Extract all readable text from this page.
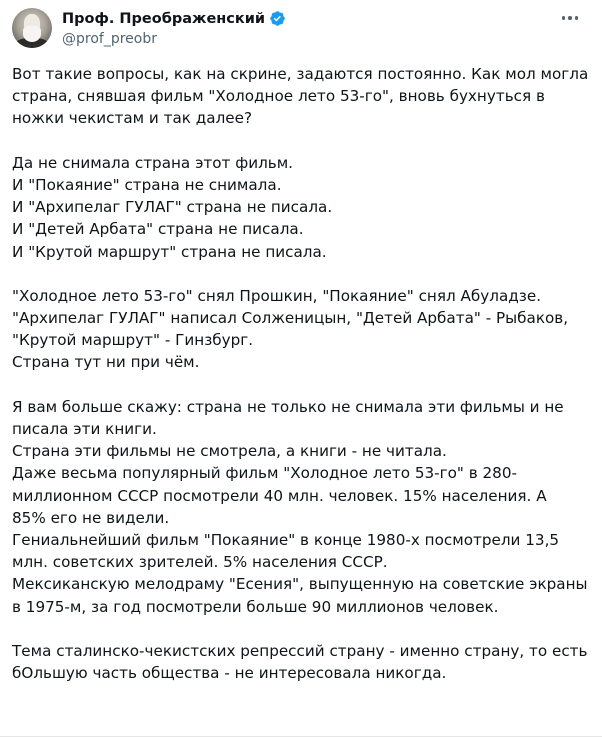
Проф. Преображенский
@prof_preobr
Вот такие вопросы, как на скрине, задаются постоянно. Как мол могла
страна, снявшая фильм "Холодное лето 53-го", вновь бухнуться в
ножки чекистам и так далее?
Да не снимала страна этот фильм.
И "Покаяние" страна не снимала.
И "Архипелаг ГУЛАГ" страна не писала.
И "Детей Арбата" страна не писала.
И "Крутой маршрут" страна не писала.
"Холодное лето 53-го" снял Прошкин, "Покаяние" снял Абуладзе.
"Архипелаг ГУЛАГ" написал Солженицын, "Детей Арбата" - Рыбаков,
"Крутой маршрут" - Гинзбург.
Страна тут ни при чём.
Я вам больше скажу: страна не только не снимала эти фильмы и не
писала эти книги.
Страна эти фильмы не смотрела, а книги - не читала.
Даже весьма популярный фильм "Холодное лето 53-го" в 280-
миллионном СССР посмотрели 40 млн. человек. 15% населения. А
85% его не видели.
Гениальнейший фильм "Покаяние" в конце 1980-х посмотрели 13,5
млн. советских зрителей. 5% населения СССР.
Мексиканскую мелодраму "Есения", выпущенную на советские экраны
в 1975-м, за год посмотрели больше 90 миллионов человек.
Тема сталинско-чекистских репрессий страну - именно страну, то есть
бОльшую часть общества - не интересовала никогда.
